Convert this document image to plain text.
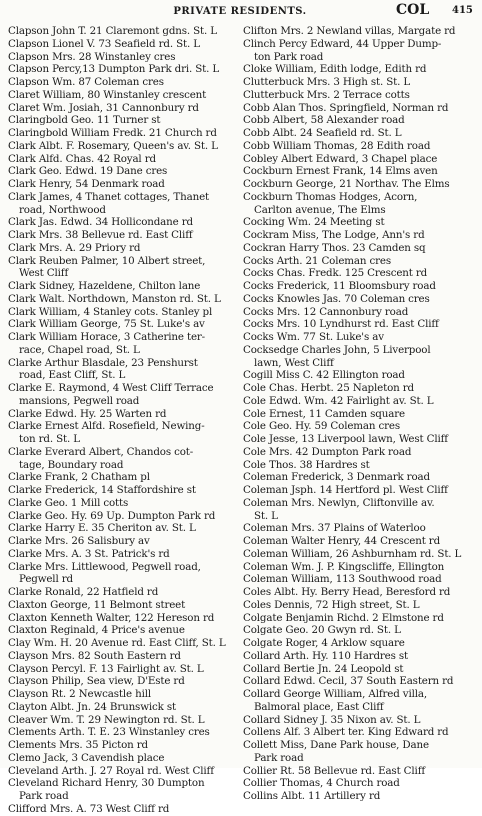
PRIVATE RESIDENTS.	COL 415
Clapson John T. 21 Claremont gdns. St. L
Clapson Lionel V. 73 Seafield rd. St. L
Clapson Mrs. 28 Winstanley cres
Clapson Percy,13 Dumpton Park dri. St. L
Clapson Wm. 87 Coleman cres
Claret William, 80 Winstanley crescent
Claret Wm. Josiah, 31 Cannonbury rd
Claringbold Geo. 11 Turner st
Claringbold William Fredk. 21 Church rd
Clark Albt. F. Rosemary, Queen's av. St. L
Clark Alfd. Chas. 42 Royal rd
Clark Geo. Edwd. 19 Dane cres
Clark Henry, 54 Denmark road
Clark James, 4 Thanet cottages, Thanet
road, Northwood
Clark Jas. Edwd. 34 Hollicondane rd
Clark Mrs. 38 Bellevue rd. East Cliff
Clark Mrs. A. 29 Priory rd
Clark Reuben Palmer, 10 Albert street,
West Cliff
Clark Sidney, Hazeldene, Chilton lane
Clark Walt. Northdown, Manston rd. St. L
Clark William, 4 Stanley cots. Stanley pl
Clark William George, 75 St. Luke's av
Clark William Horace, 3 Catherine ter-
race, Chapel road, St. L
Clarke Arthur Blasdale, 23 Penshurst
road, East Cliff, St. L
Clarke E. Raymond, 4 West Cliff Terrace
mansions, Pegwell road
Clarke Edwd. Hy. 25 Warten rd
Clarke Ernest Alfd. Rosefield, Newing-
ton rd. St. L
Clarke Everard Albert, Chandos cot-
tage, Boundary road
Clarke Frank, 2 Chatham pl
Clarke Frederick, 14 Staffordshire st
Clarke Geo. 1 Mill cotts
Clarke Geo. Hy. 69 Up. Dumpton Park rd
Clarke Harry E. 35 Cheriton av. St. L
Clarke Mrs. 26 Salisbury av
Clarke Mrs. A. 3 St. Patrick's rd
Clarke Mrs. Littlewood, Pegwell road,
Pegwell rd
Clarke Ronald, 22 Hatfield rd
Claxton George, 11 Belmont street
Claxton Kenneth Walter, 122 Hereson rd
Claxton Reginald, 4 Price's avenue
Clay Wm. H. 20 Avenue rd. East Cliff, St. L
Clayson Mrs. 82 South Eastern rd
Clayson Percyl. F. 13 Fairlight av. St. L
Clayson Philip, Sea view, D'Este rd
Clayson Rt. 2 Newcastle hill
Clayton Albt. Jn. 24 Brunswick st
Cleaver Wm. T. 29 Newington rd. St. L
Clements Arth. T. E. 23 Winstanley cres
Clements Mrs. 35 Picton rd
Clemo Jack, 3 Cavendish place
Cleveland Arth. J. 27 Royal rd. West Cliff
Cleveland Richard Henry, 30 Dumpton
Park road
Clifford Mrs. A. 73 West Cliff rd
Clifton Mrs. 2 Newland villas, Margate rd
Clinch Percy Edward, 44 Upper Dump-
ton Park road
Cloke William, Edith lodge, Edith rd
Clutterbuck Mrs. 3 High st. St. L
Clutterbuck Mrs. 2 Terrace cotts
Cobb Alan Thos. Springfield, Norman rd
Cobb Albert, 58 Alexander road
Cobb Albt. 24 Seafield rd. St. L
Cobb William Thomas, 28 Edith road
Cobley Albert Edward, 3 Chapel place
Cockburn Ernest Frank, 14 Elms aven
Cockburn George, 21 Northav. The Elms
Cockburn Thomas Hodges, Acorn,
Carlton avenue, The Elms
Cocking Wm. 24 Meeting st
Cockram Miss, The Lodge, Ann's rd
Cockran Harry Thos. 23 Camden sq
Cocks Arth. 21 Coleman cres
Cocks Chas. Fredk. 125 Crescent rd
Cocks Frederick, 11 Bloomsbury road
Cocks Knowles Jas. 70 Coleman cres
Cocks Mrs. 12 Cannonbury road
Cocks Mrs. 10 Lyndhurst rd. East Cliff
Cocks Wm. 77 St. Luke's av
Cocksedge Charles John, 5 Liverpool
lawn, West Cliff
Cogill Miss C. 42 Ellington road
Cole Chas. Herbt. 25 Napleton rd
Cole Edwd. Wm. 42 Fairlight av. St. L
Cole Ernest, 11 Camden square
Cole Geo. Hy. 59 Coleman cres
Cole Jesse, 13 Liverpool lawn, West Cliff
Cole Mrs. 42 Dumpton Park road
Cole Thos. 38 Hardres st
Coleman Frederick, 3 Denmark road
Coleman Jsph. 14 Hertford pl. West Cliff
Coleman Mrs. Newlyn, Cliftonville av.
St. L
Coleman Mrs. 37 Plains of Waterloo
Coleman Walter Henry, 44 Crescent rd
Coleman William, 26 Ashburnham rd. St. L
Coleman Wm. J. P. Kingscliffe, Ellington
Coleman William, 113 Southwood road
Coles Albt. Hy. Berry Head, Beresford rd
Coles Dennis, 72 High street, St. L
Colgate Benjamin Richd. 2 Elmstone rd
Colgate Geo. 20 Gwyn rd. St. L
Colgate Roger, 4 Arklow square
Collard Arth. Hy. 110 Hardres st
Collard Bertie Jn. 24 Leopold st
Collard Edwd. Cecil, 37 South Eastern rd
Collard George William, Alfred villa,
Balmoral place, East Cliff
Collard Sidney J. 35 Nixon av. St. L
Collens Alf. 3 Albert ter. King Edward rd
Collett Miss, Dane Park house, Dane
Park road
Collier Rt. 58 Bellevue rd. East Cliff
Collier Thomas, 4 Church road
Collins Albt. 11 Artillery rd
